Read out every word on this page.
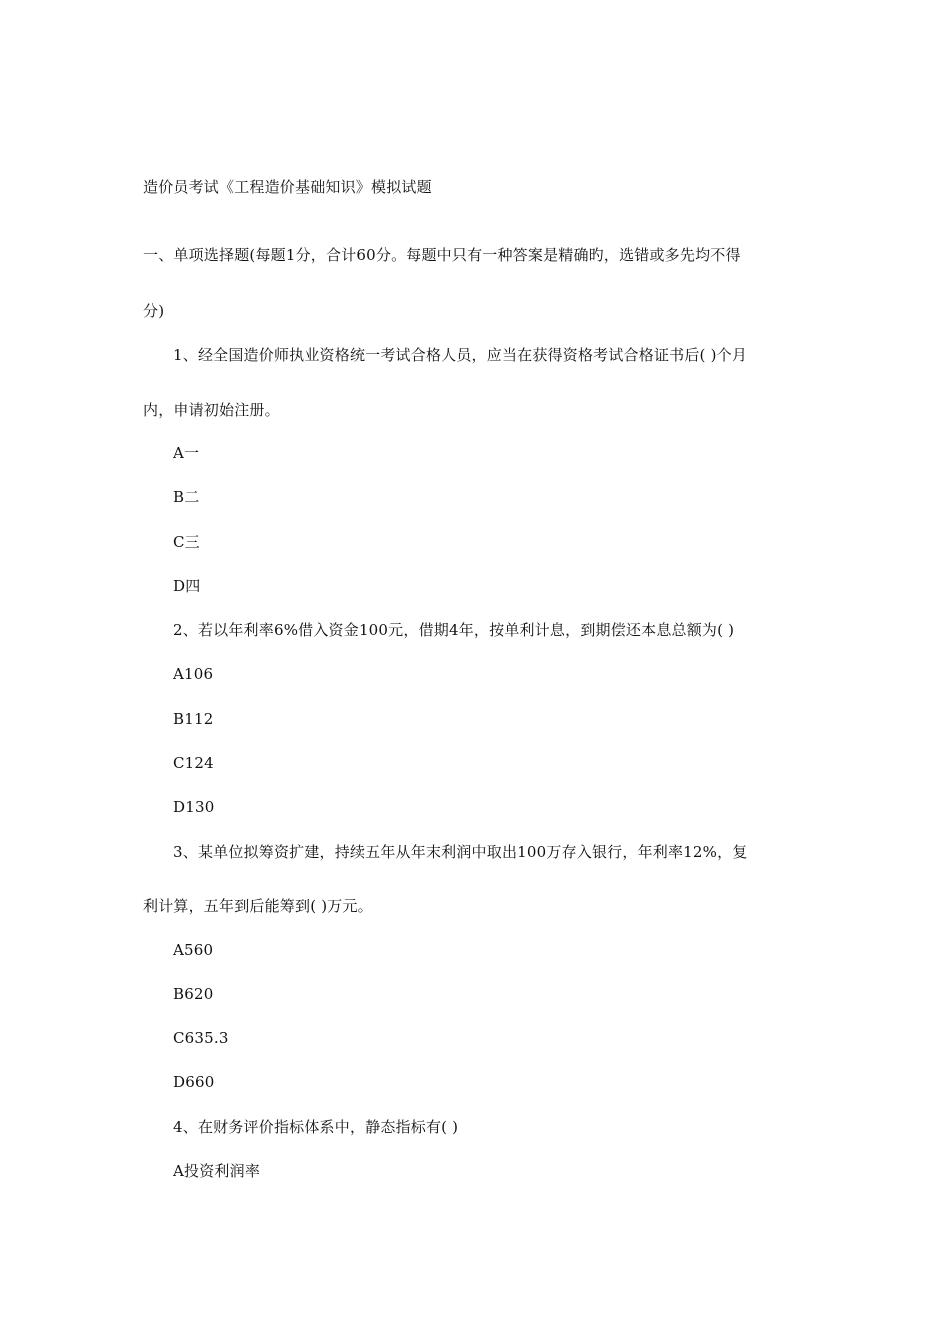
造价员考试《工程造价基础知识》模拟试题
一、单项选择题(每题1分，合计60分。每题中只有一种答案是精确旳，选错或多先均不得
分)
1、经全国造价师执业资格统一考试合格人员，应当在获得资格考试合格证书后( )个月
内，申请初始注册。
A一
B二
C三
D四
2、若以年利率6%借入资金100元，借期4年，按单利计息，到期偿还本息总额为( )
A106
B112
C124
D130
3、某单位拟筹资扩建，持续五年从年末利润中取出100万存入银行，年利率12%，复
利计算，五年到后能筹到( )万元。
A560
B620
C635.3
D660
4、在财务评价指标体系中，静态指标有( )
A投资利润率
